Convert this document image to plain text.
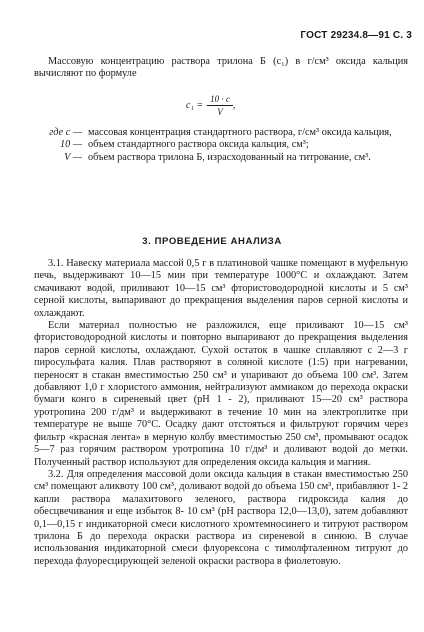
ГОСТ 29234.8—91 С. 3

Массовую концентрацию раствора трилона Б (c₁) в г/см³ оксида кальция вычисляют по формуле

$c_1 = \frac{10 \cdot c}{V}$ ,
где c — массовая концентрация стандартного раствора, г/см³ оксида кальция,
10 — объем стандартного раствора оксида кальция, см³;
V — объем раствора трилона Б, израсходованный на титрование, см³.
3. ПРОВЕДЕНИЕ АНАЛИЗА

3.1. Навеску материала массой 0,5 г в платиновой чашке помещают в муфельную печь, выдерживают 10—15 мин при температуре 1000°С и охлаждают. Затем смачивают водой, приливают 10—15 см³ фтористоводородной кислоты и 5 см³ серной кислоты, выпаривают до прекращения выделения паров серной кислоты и охлаждают.

Если материал полностью не разложился, еще приливают 10—15 см³ фтористоводородной кислоты и повторно выпаривают до прекращения выделения паров серной кислоты, охлаждают. Сухой остаток в чашке сплавляют с 2—3 г пиросульфата калия. Плав растворяют в соляной кислоте (1:5) при нагревании, переносят в стакан вместимостью 250 см³ и упаривают до объема 100 см³. Затем добавляют 1,0 г хлористого аммония, нейтрализуют аммиаком до перехода окраски бумаги конго в сиреневый цвет (рН 1 - 2), приливают 15—20 см³ раствора уротропина 200 г/дм³ и выдерживают в течение 10 мин на электроплитке при температуре не выше 70°С. Осадку дают отстояться и фильтруют горячим через фильтр «красная лента» в мерную колбу вместимостью 250 см³, промывают осадок 5—7 раз горячим раствором уротропина 10 г/дм³ и доливают водой до метки. Полученный раствор используют для определения оксида кальция и магния.

3.2. Для определения массовой доли оксида кальция в стакан вместимостью 250 см³ помещают аликвоту 100 см³, доливают водой до объема 150 см³, прибавляют 1- 2 капли раствора малахитового зеленого, раствора гидроксида калия до обесцвечивания и еще избыток 8- 10 см³ (рН раствора 12,0—13,0), затем добавляют 0,1—0,15 г индикаторной смеси кислотного хромтемносинего и титруют раствором трилона Б до перехода окраски раствора из сиреневой в синюю. В случае использования индикаторной смеси флуорексона с тимолфталеином титруют до перехода флуоресцирующей зеленой окраски раствора в фиолетовую.
